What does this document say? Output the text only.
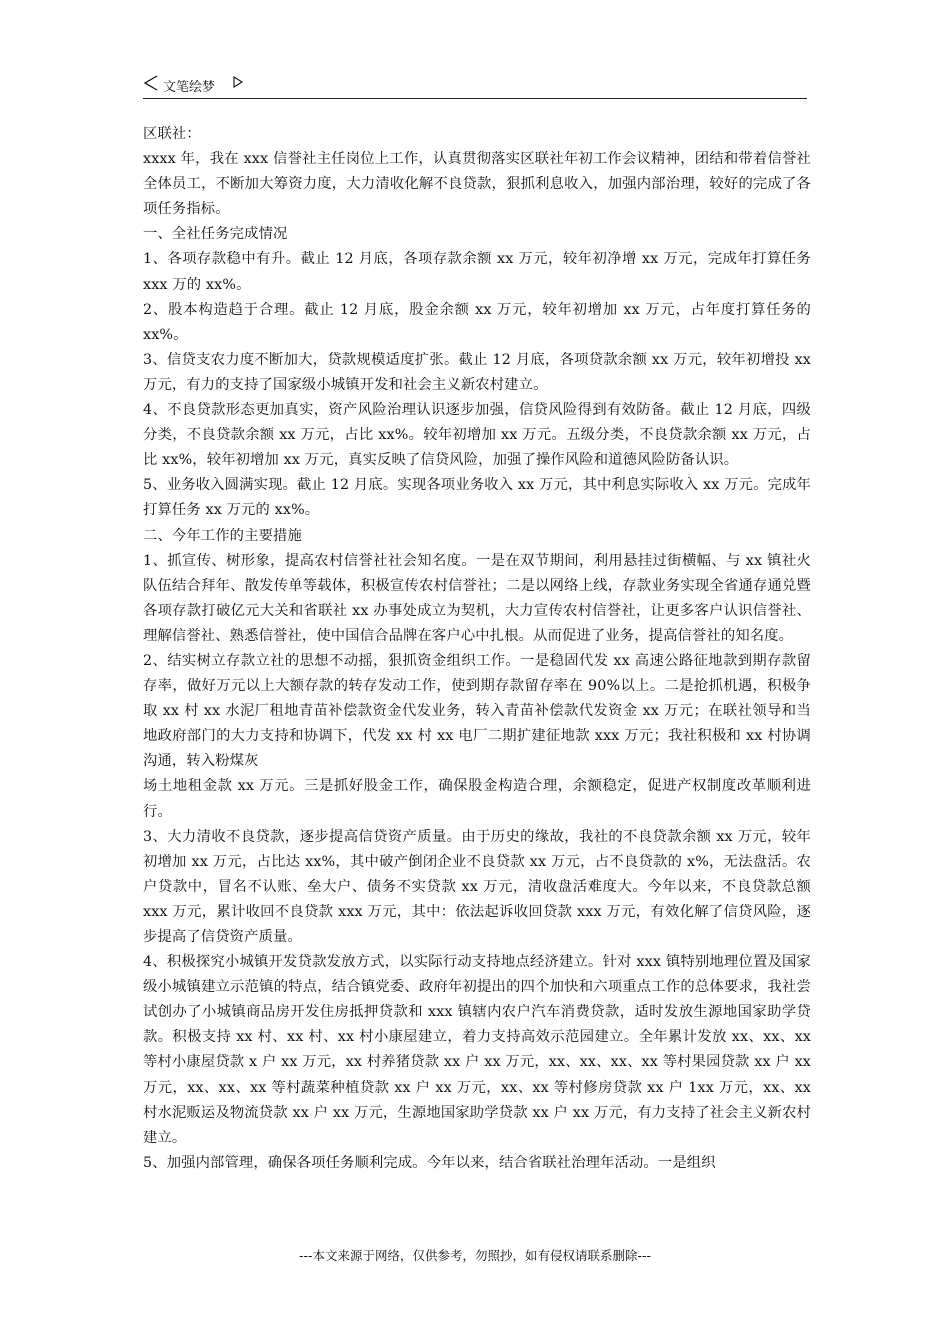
文笔绘梦

区联社：

xxxx 年，我在 xxx 信誉社主任岗位上工作，认真贯彻落实区联社年初工作会议精神，团结和带着信誉社全体员工，不断加大筹资力度，大力清收化解不良贷款，狠抓利息收入，加强内部治理，较好的完成了各项任务指标。

一、全社任务完成情况

1、各项存款稳中有升。截止 12 月底，各项存款余额 xx 万元，较年初净增 xx 万元，完成年打算任务 xxx 万的 xx%。

2、股本构造趋于合理。截止 12 月底，股金余额 xx 万元，较年初增加 xx 万元，占年度打算任务的 xx%。

3、信贷支农力度不断加大，贷款规模适度扩张。截止 12 月底，各项贷款余额 xx 万元，较年初增投 xx 万元，有力的支持了国家级小城镇开发和社会主义新农村建立。

4、不良贷款形态更加真实，资产风险治理认识逐步加强，信贷风险得到有效防备。截止 12 月底，四级分类，不良贷款余额 xx 万元，占比 xx%。较年初增加 xx 万元。五级分类，不良贷款余额 xx 万元，占比 xx%，较年初增加 xx 万元，真实反映了信贷风险，加强了操作风险和道德风险防备认识。

5、业务收入圆满实现。截止 12 月底。实现各项业务收入 xx 万元，其中利息实际收入 xx 万元。完成年打算任务 xx 万元的 xx%。

二、今年工作的主要措施

1、抓宣传、树形象，提高农村信誉社社会知名度。一是在双节期间，利用悬挂过街横幅、与 xx 镇社火队伍结合拜年、散发传单等载体，积极宣传农村信誉社；二是以网络上线，存款业务实现全省通存通兑暨各项存款打破亿元大关和省联社 xx 办事处成立为契机，大力宣传农村信誉社，让更多客户认识信誉社、理解信誉社、熟悉信誉社，使中国信合品牌在客户心中扎根。从而促进了业务，提高信誉社的知名度。

2、结实树立存款立社的思想不动摇，狠抓资金组织工作。一是稳固代发 xx 高速公路征地款到期存款留存率，做好万元以上大额存款的转存发动工作，使到期存款留存率在 90%以上。二是抢抓机遇，积极争取 xx 村 xx 水泥厂租地青苗补偿款资金代发业务，转入青苗补偿款代发资金 xx 万元；在联社领导和当地政府部门的大力支持和协调下，代发 xx 村 xx 电厂二期扩建征地款 xxx 万元；我社积极和 xx 村协调沟通，转入粉煤灰

场土地租金款 xx 万元。三是抓好股金工作，确保股金构造合理，余额稳定，促进产权制度改革顺利进行。

3、大力清收不良贷款，逐步提高信贷资产质量。由于历史的缘故，我社的不良贷款余额 xx 万元，较年初增加 xx 万元，占比达 xx%，其中破产倒闭企业不良贷款 xx 万元，占不良贷款的 x%，无法盘活。农户贷款中，冒名不认账、垒大户、债务不实贷款 xx 万元，清收盘活难度大。今年以来，不良贷款总额 xxx 万元，累计收回不良贷款 xxx 万元，其中：依法起诉收回贷款 xxx 万元，有效化解了信贷风险，逐步提高了信贷资产质量。

4、积极探究小城镇开发贷款发放方式，以实际行动支持地点经济建立。针对 xxx 镇特别地理位置及国家级小城镇建立示范镇的特点，结合镇党委、政府年初提出的四个加快和六项重点工作的总体要求，我社尝试创办了小城镇商品房开发住房抵押贷款和 xxx 镇辖内农户汽车消费贷款，适时发放生源地国家助学贷款。积极支持 xx 村、xx 村、xx 村小康屋建立，着力支持高效示范园建立。全年累计发放 xx、xx、xx 等村小康屋贷款 x 户 xx 万元，xx 村养猪贷款 xx 户 xx 万元，xx、xx、xx、xx 等村果园贷款 xx 户 xx 万元，xx、xx、xx 等村蔬菜种植贷款 xx 户 xx 万元，xx、xx 等村修房贷款 xx 户 1xx 万元，xx、xx 村水泥贩运及物流贷款 xx 户 xx 万元，生源地国家助学贷款 xx 户 xx 万元，有力支持了社会主义新农村建立。

5、加强内部管理，确保各项任务顺利完成。今年以来，结合省联社治理年活动。一是组织

---本文来源于网络，仅供参考，勿照抄，如有侵权请联系删除---
